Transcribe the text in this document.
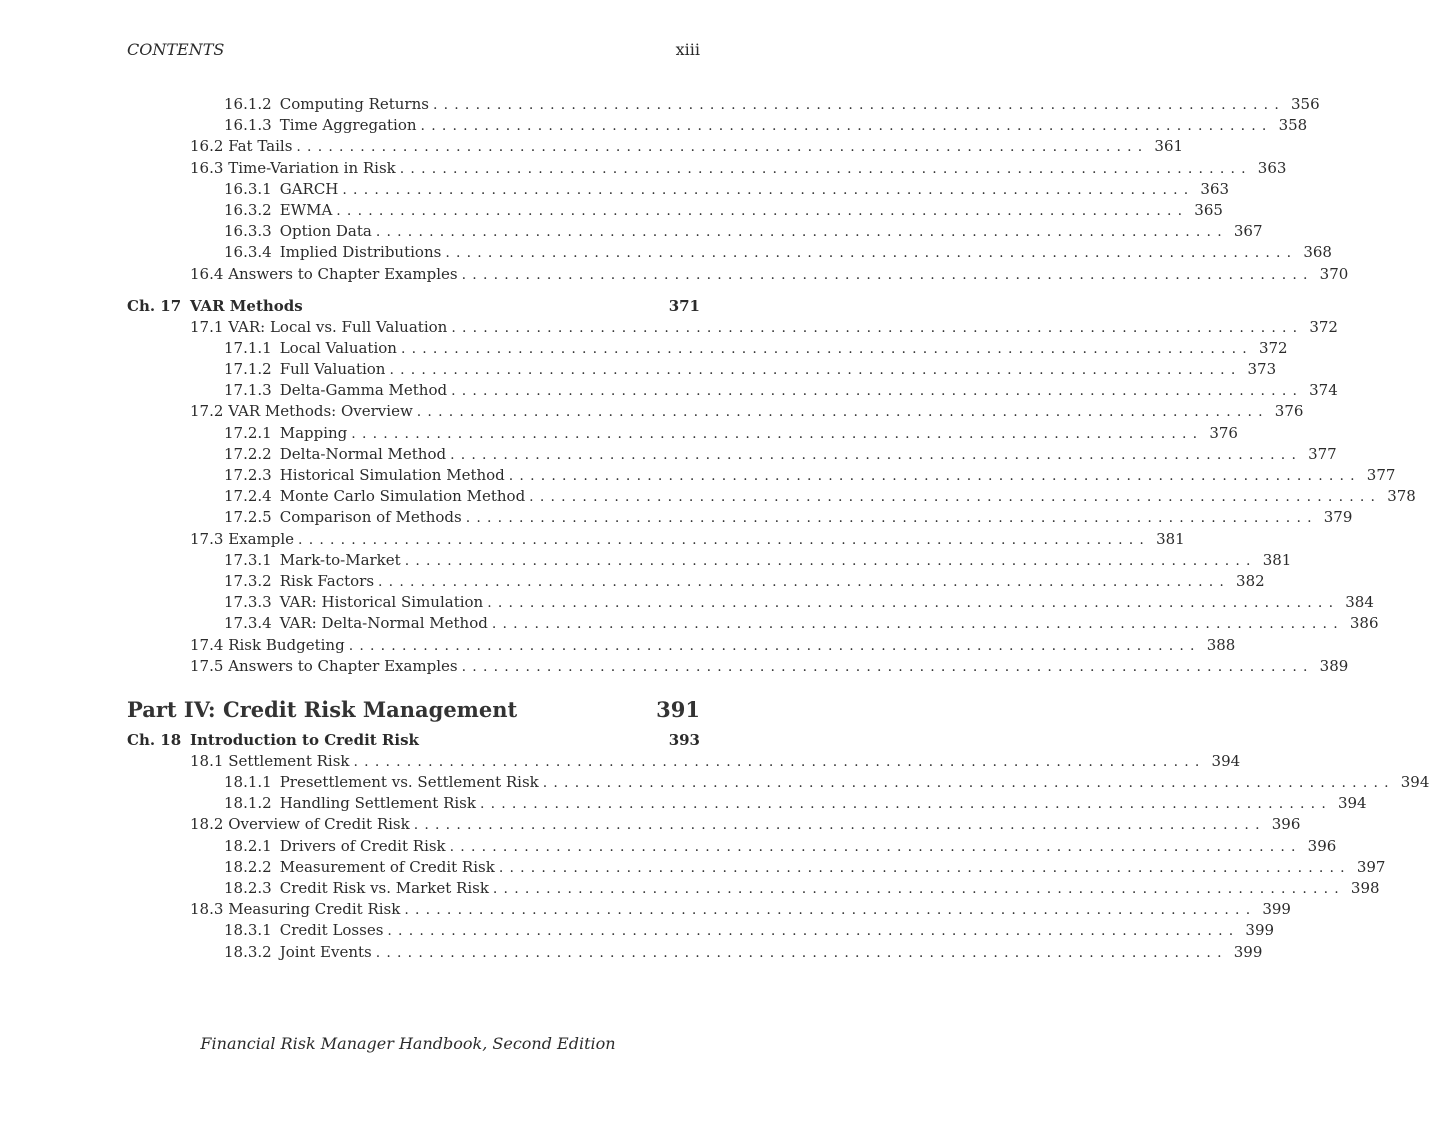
CONTENTS	xiii
16.1.2 Computing Returns ................................................................................ 356
16.1.3 Time Aggregation ................................................................................ 358
16.2 Fat Tails ................................................................................ 361
16.3 Time-Variation in Risk ................................................................................ 363
16.3.1 GARCH ................................................................................ 363
16.3.2 EWMA ................................................................................ 365
16.3.3 Option Data ................................................................................ 367
16.3.4 Implied Distributions ................................................................................ 368
16.4 Answers to Chapter Examples ................................................................................ 370
Ch. 17 VAR Methods	371
17.1 VAR: Local vs. Full Valuation ................................................................................ 372
17.1.1 Local Valuation ................................................................................ 372
17.1.2 Full Valuation ................................................................................ 373
17.1.3 Delta-Gamma Method ................................................................................ 374
17.2 VAR Methods: Overview ................................................................................ 376
17.2.1 Mapping ................................................................................ 376
17.2.2 Delta-Normal Method ................................................................................ 377
17.2.3 Historical Simulation Method ................................................................................ 377
17.2.4 Monte Carlo Simulation Method ................................................................................ 378
17.2.5 Comparison of Methods ................................................................................ 379
17.3 Example ................................................................................ 381
17.3.1 Mark-to-Market ................................................................................ 381
17.3.2 Risk Factors ................................................................................ 382
17.3.3 VAR: Historical Simulation ................................................................................ 384
17.3.4 VAR: Delta-Normal Method ................................................................................ 386
17.4 Risk Budgeting ................................................................................ 388
17.5 Answers to Chapter Examples ................................................................................ 389
Part IV: Credit Risk Management	391
Ch. 18 Introduction to Credit Risk	393
18.1 Settlement Risk ................................................................................ 394
18.1.1 Presettlement vs. Settlement Risk ................................................................................ 394
18.1.2 Handling Settlement Risk ................................................................................ 394
18.2 Overview of Credit Risk ................................................................................ 396
18.2.1 Drivers of Credit Risk ................................................................................ 396
18.2.2 Measurement of Credit Risk ................................................................................ 397
18.2.3 Credit Risk vs. Market Risk ................................................................................ 398
18.3 Measuring Credit Risk ................................................................................ 399
18.3.1 Credit Losses ................................................................................ 399
18.3.2 Joint Events ................................................................................ 399
Financial Risk Manager Handbook, Second Edition
